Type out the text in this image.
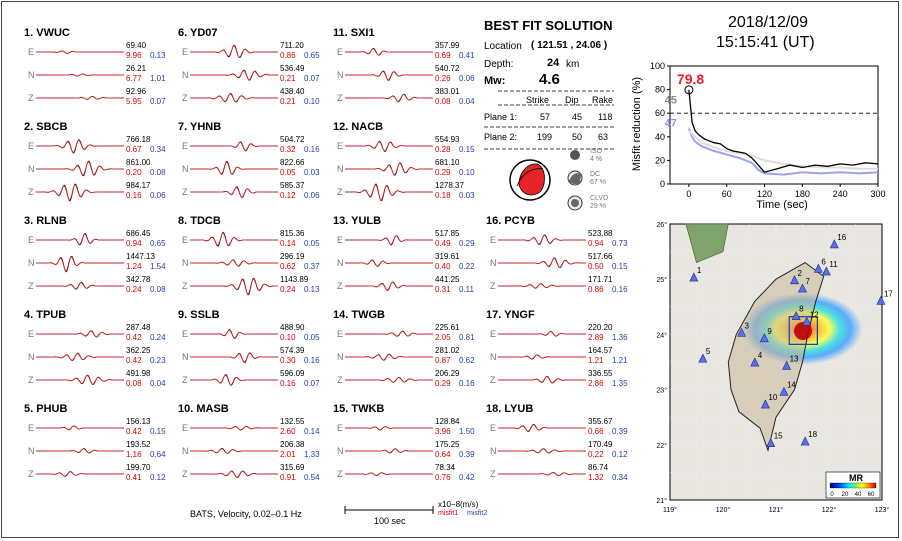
1. VWUC
E
69.40
9.96 0.13
N
26.21
6.77 1.01
Z
92.96
5.95 0.07
2. SBCB
E
766.18
0.67 0.34
N
861.00
0.20 0.08
Z
984.17
0.16 0.06
3. RLNB
E
686.45
0.94 0.65
N
1447.13
1.24 1.54
Z
342.78
0.24 0.08
4. TPUB
E
287.48
0.42 0.24
N
362.25
0.42 0.23
Z
491.98
0.08 0.04
5. PHUB
E
156.13
0.42 0.15
N
193.52
1.16 0.64
Z
199.70
0.41 0.12
6. YD07
E
711.20
0.86 0.65
N
536.49
0.21 0.07
Z
438.40
0.21 0.10
7. YHNB
E
504.72
0.32 0.16
N
822.66
0.05 0.03
Z
585.37
0.12 0.06
8. TDCB
E
815.36
0.14 0.05
N
296.19
0.62 0.37
Z
1143.89
0.24 0.13
9. SSLB
E
488.90
0.10 0.05
N
574.39
0.30 0.16
Z
596.09
0.16 0.07
10. MASB
E
132.55
2.60 0.14
N
206.38
2.01 1.33
Z
315.69
0.91 0.54
11. SXI1
E
357.99
0.69 0.41
N
540.72
0.26 0.06
Z
383.01
0.08 0.04
12. NACB
E
554.93
0.28 0.15
N
681.10
0.29 0.10
Z
1278.37
0.18 0.03
13. YULB
E
517.85
0.49 0.29
N
319.61
0.40 0.22
Z
441.25
0.31 0.11
14. TWGB
E
225.61
2.05 0.81
N
281.02
0.87 0.62
Z
206.29
0.29 0.16
15. TWKB
E
128.84
3.96 1.50
N
175.25
0.64 0.39
Z
78.34
0.76 0.42
16. PCYB
E
523.88
0.94 0.73
N
517.66
0.50 0.15
Z
171.71
0.86 0.16
17. YNGF
E
220.20
2.89 1.36
N
164.57
1.21 1.21
Z
336.55
2.86 1.35
18. LYUB
E
355.67
0.66 0.39
N
170.49
0.22 0.12
Z
86.74
1.32 0.34
BEST FIT SOLUTION
Location ( 121.51 , 24.06 )
Depth:	24 km
Mw: 4.6
Strike Dip Rake
Plane 1:	57 45 118
Plane 2: 199 50 63
ISO
4 %
DC
67 %
CLVD
29 %
2018/12/09
15:15:41 (UT)
0	60	120	180	240	300
0
20
40
60
80
100
79.8
45
47
Time (sec)
Misfit reduction (%)
1	2
3
4
5
6
7
8
9
10
11
12
13
14
15
16
17
18
MR
0 20 40 60
119°	120°	121°	122°	123°
26°
25°
24°
23°
22°
21°
BATS, Velocity, 0.02–0.1 Hz
100 sec
x10−8(m/s)
misfit1 misfit2
